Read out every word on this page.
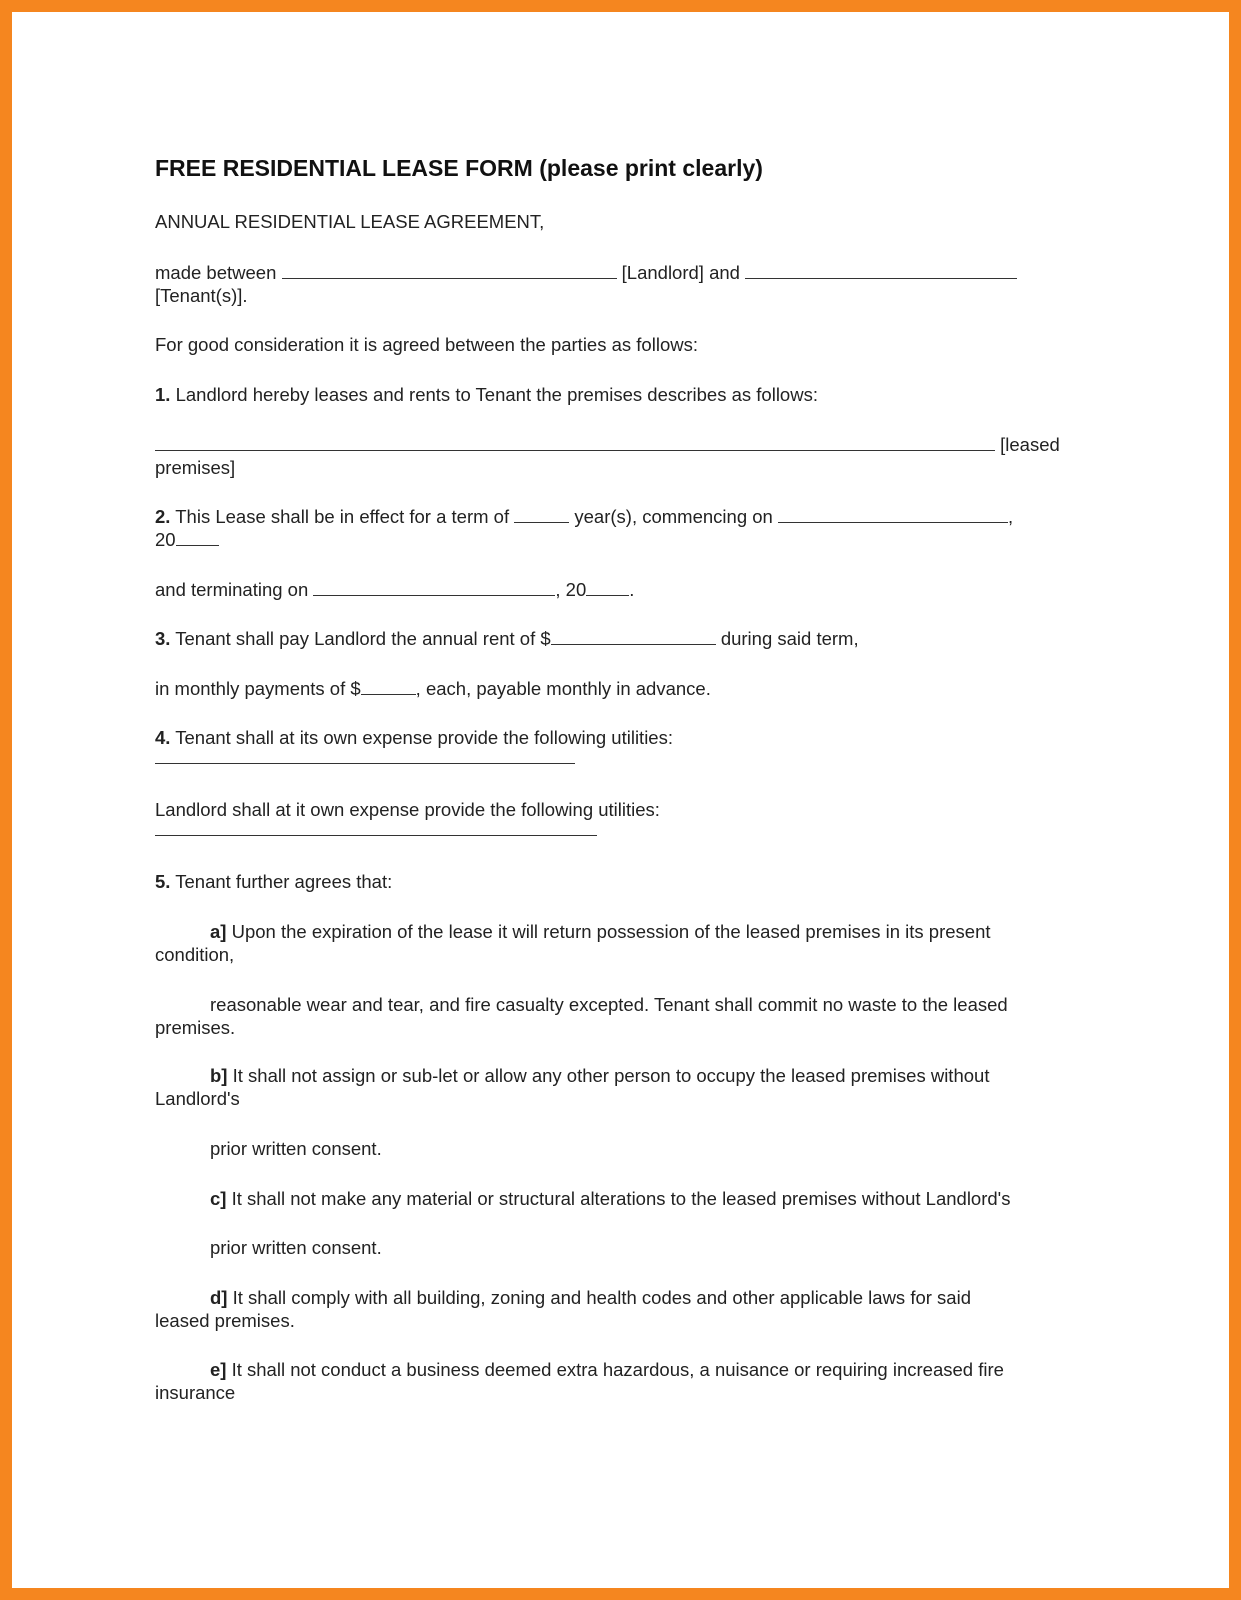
FREE RESIDENTIAL LEASE FORM (please print clearly)
ANNUAL RESIDENTIAL LEASE AGREEMENT,
made between	[Landlord] and
[Tenant(s)].
For good consideration it is agreed between the parties as follows:
1. Landlord hereby leases and rents to Tenant the premises describes as follows:
[leased
premises]
2. This Lease shall be in effect for a term of	year(s), commencing on	,
20
and terminating on	, 20 .
3. Tenant shall pay Landlord the annual rent of $	during said term,
in monthly payments of $	, each, payable monthly in advance.
4. Tenant shall at its own expense provide the following utilities:
Landlord shall at it own expense provide the following utilities:
5. Tenant further agrees that:
a] Upon the expiration of the lease it will return possession of the leased premises in its present
condition,
reasonable wear and tear, and fire casualty excepted. Tenant shall commit no waste to the leased
premises.
b] It shall not assign or sub-let or allow any other person to occupy the leased premises without
Landlord's
prior written consent.
c] It shall not make any material or structural alterations to the leased premises without Landlord's
prior written consent.
d] It shall comply with all building, zoning and health codes and other applicable laws for said
leased premises.
e] It shall not conduct a business deemed extra hazardous, a nuisance or requiring increased fire
insurance
